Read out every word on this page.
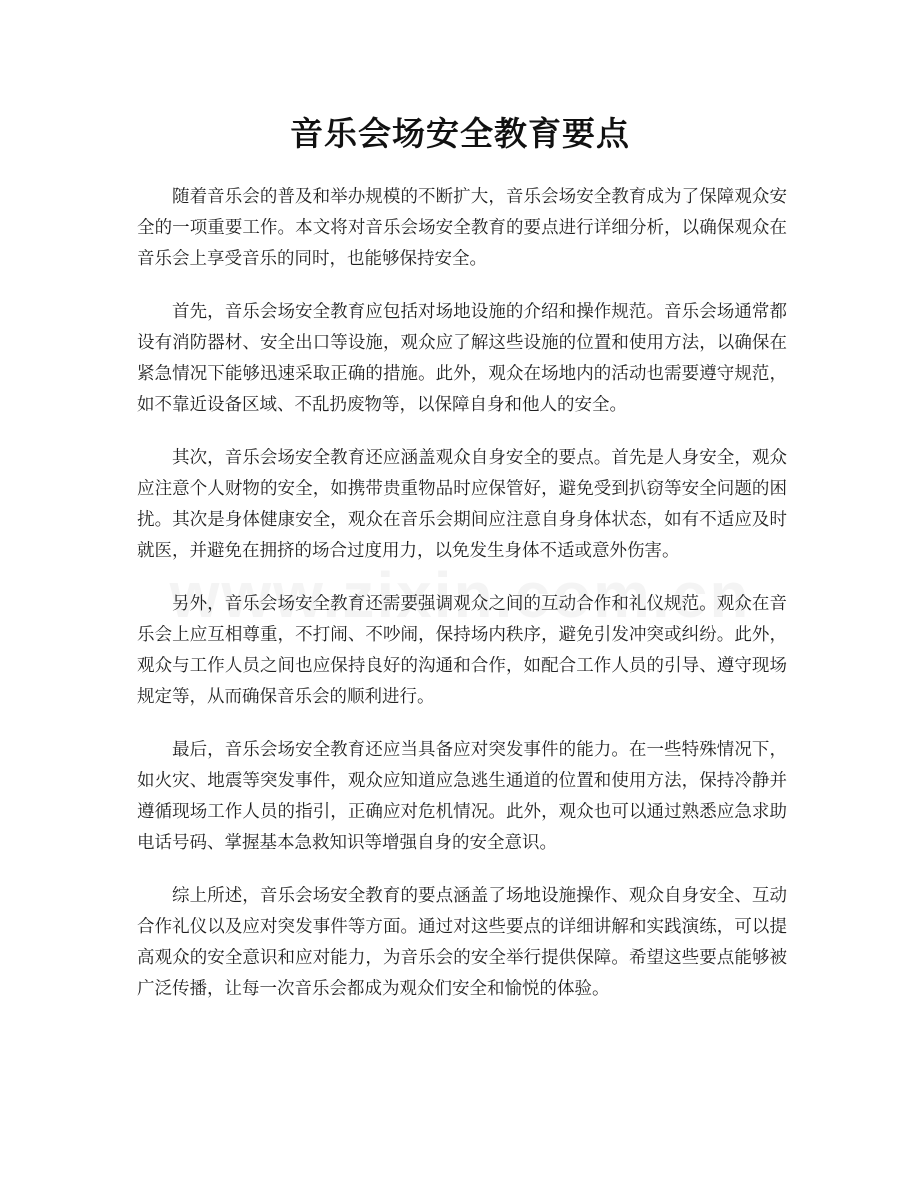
音乐会场安全教育要点

随着音乐会的普及和举办规模的不断扩大，音乐会场安全教育成为了保障观众安全的一项重要工作。本文将对音乐会场安全教育的要点进行详细分析，以确保观众在音乐会上享受音乐的同时，也能够保持安全。

首先，音乐会场安全教育应包括对场地设施的介绍和操作规范。音乐会场通常都设有消防器材、安全出口等设施，观众应了解这些设施的位置和使用方法，以确保在紧急情况下能够迅速采取正确的措施。此外，观众在场地内的活动也需要遵守规范，如不靠近设备区域、不乱扔废物等，以保障自身和他人的安全。

其次，音乐会场安全教育还应涵盖观众自身安全的要点。首先是人身安全，观众应注意个人财物的安全，如携带贵重物品时应保管好，避免受到扒窃等安全问题的困扰。其次是身体健康安全，观众在音乐会期间应注意自身身体状态，如有不适应及时就医，并避免在拥挤的场合过度用力，以免发生身体不适或意外伤害。

另外，音乐会场安全教育还需要强调观众之间的互动合作和礼仪规范。观众在音乐会上应互相尊重，不打闹、不吵闹，保持场内秩序，避免引发冲突或纠纷。此外，观众与工作人员之间也应保持良好的沟通和合作，如配合工作人员的引导、遵守现场规定等，从而确保音乐会的顺利进行。

最后，音乐会场安全教育还应当具备应对突发事件的能力。在一些特殊情况下，如火灾、地震等突发事件，观众应知道应急逃生通道的位置和使用方法，保持冷静并遵循现场工作人员的指引，正确应对危机情况。此外，观众也可以通过熟悉应急求助电话号码、掌握基本急救知识等增强自身的安全意识。

综上所述，音乐会场安全教育的要点涵盖了场地设施操作、观众自身安全、互动合作礼仪以及应对突发事件等方面。通过对这些要点的详细讲解和实践演练，可以提高观众的安全意识和应对能力，为音乐会的安全举行提供保障。希望这些要点能够被广泛传播，让每一次音乐会都成为观众们安全和愉悦的体验。
